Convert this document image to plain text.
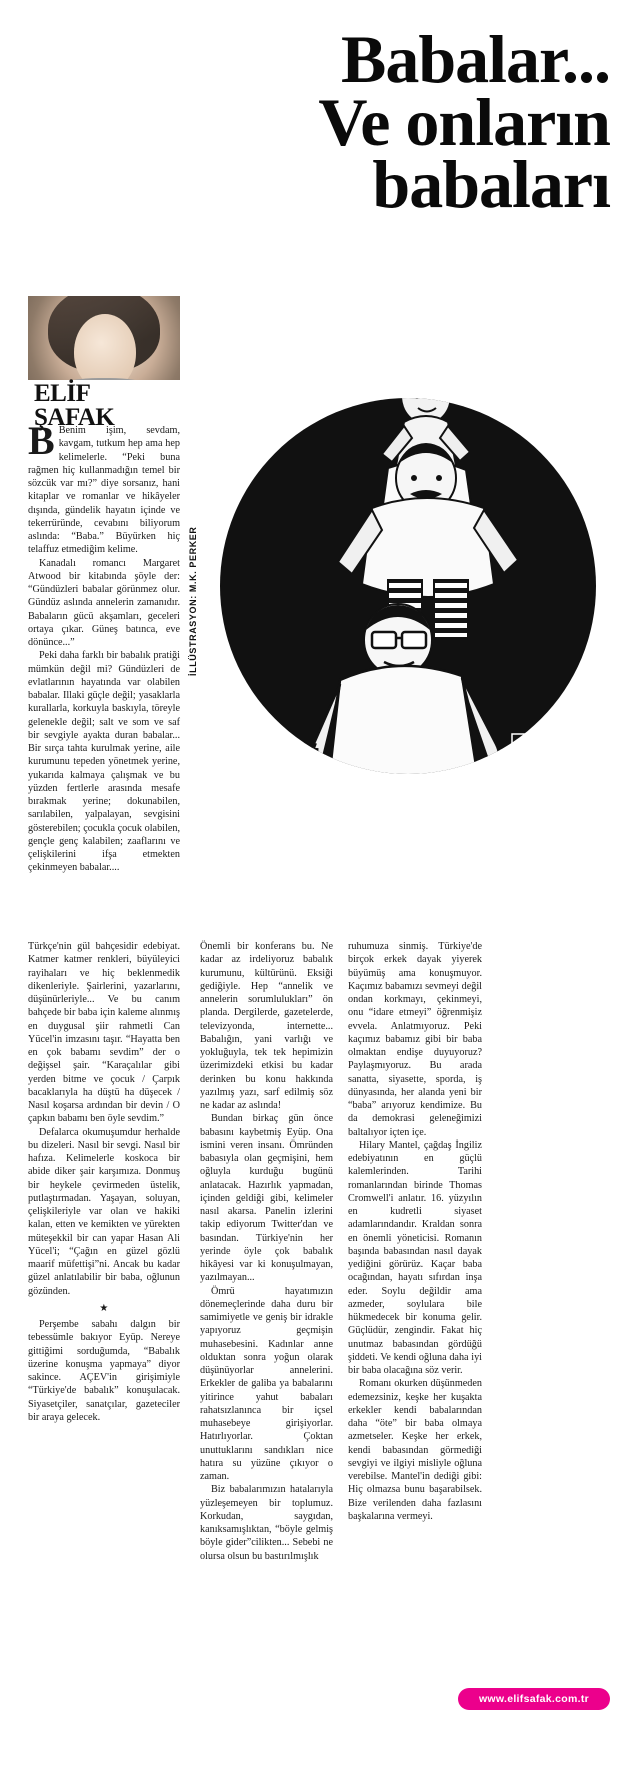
Babalar...
Ve onların
babaları
ELİF
ŞAFAK
PER
KER
İLLÜSTRASYON: M.K. PERKER

B Benim işim, sevdam, kavgam, tutkum hep ama hep kelimelerle. “Peki buna rağmen hiç kullanmadığın temel bir sözcük var mı?” diye sorsanız, hani kitaplar ve romanlar ve hikâyeler dışında, gündelik hayatın içinde ve tekerrüründe, cevabını biliyorum aslında: “Baba.” Büyürken hiç telaffuz etmediğim kelime.

Kanadalı romancı Margaret Atwood bir kitabında şöyle der: “Gündüzleri babalar görünmez olur. Gündüz aslında annelerin zamanıdır. Babaların gücü akşamları, geceleri ortaya çıkar. Güneş batınca, eve dönünce...”

Peki daha farklı bir babalık pratiği mümkün değil mi? Gündüzleri de evlatlarının hayatında var olabilen babalar. Illaki güçle değil; yasaklarla kurallarla, korkuyla baskıyla, töreyle gelenekle değil; salt ve som ve saf bir sevgiyle ayakta duran babalar... Bir sırça tahta kurulmak yerine, aile kurumunu tepeden yönetmek yerine, yukarıda kalmaya çalışmak ve bu yüzden fertlerle arasında mesafe bırakmak yerine; dokunabilen, sarılabilen, yalpalayan, sevgisini gösterebilen; çocukla çocuk olabilen, gençle genç kalabilen; zaaflarını ve çelişkilerini ifşa etmekten çekinmeyen babalar....

Türkçe'nin gül bahçesidir edebiyat. Katmer katmer renkleri, büyüleyici rayihaları ve hiç beklenmedik dikenleriyle. Şairlerini, yazarlarını, düşünürleriyle... Ve bu canım bahçede bir baba için kaleme alınmış en duygusal şiir rahmetli Can Yücel'in imzasını taşır. “Hayatta ben en çok babamı sevdim” der o değişsel şair. “Karaçalılar gibi yerden bitme ve çocuk / Çarpık bacaklarıyla ha düştü ha düşecek / Nasıl koşarsa ardından bir devin / O çapkın babamı ben öyle sevdim.”

Defalarca okumuşumdur herhalde bu dizeleri. Nasıl bir sevgi. Nasıl bir hafıza. Kelimelerle koskoca bir abide diker şair karşımıza. Donmuş bir heykele çevirmeden üstelik, putlaştırmadan. Yaşayan, soluyan, çelişkileriyle var olan ve hakiki kalan, etten ve kemikten ve yürekten müteşekkil bir can yapar Hasan Ali Yücel'i; “Çağın en güzel gözlü maarif müfettişi”ni. Ancak bu kadar güzel anlatılabilir bir baba, oğlunun gözünden.

★

Perşembe sabahı dalgın bir tebessümle bakıyor Eyüp. Nereye gittiğimi sorduğumda, “Babalık üzerine konuşma yapmaya” diyor sakince. AÇEV'in girişimiyle “Türkiye'de babalık” konuşulacak. Siyasetçiler, sanatçılar, gazeteciler bir araya gelecek.

Önemli bir konferans bu. Ne kadar az irdeliyoruz babalık kurumunu, kültürünü. Eksiği gediğiyle. Hep “annelik ve annelerin sorumlulukları” ön planda. Dergilerde, gazetelerde, televizyonda, internette... Babalığın, yani varlığı ve yokluğuyla, tek tek hepimizin üzerimizdeki etkisi bu kadar derinken bu konu hakkında yazılmış yazı, sarf edilmiş söz ne kadar az aslında!

Bundan birkaç gün önce babasını kaybetmiş Eyüp. Ona ismini veren insanı. Ömründen babasıyla olan geçmişini, hem oğluyla kurduğu bugünü anlatacak. Hazırlık yapmadan, içinden geldiği gibi, kelimeler nasıl akarsa. Panelin izlerini takip ediyorum Twitter'dan ve basından. Türkiye'nin her yerinde öyle çok babalık hikâyesi var ki konuşulmayan, yazılmayan...

Ömrü hayatımızın dönemeçlerinde daha duru bir samimiyetle ve geniş bir idrakle yapıyoruz geçmişin muhasebesini. Kadınlar anne olduktan sonra yoğun olarak düşünüyorlar annelerini. Erkekler de galiba ya babalarını yitirince yahut babaları rahatsızlanınca bir içsel muhasebeye girişiyorlar. Hatırlıyorlar. Çoktan unuttuklarını sandıkları nice hatıra su yüzüne çıkıyor o zaman.

Biz babalarımızın hatalarıyla yüzleşemeyen bir toplumuz. Korkudan, saygıdan, kanıksamışlıktan, “böyle gelmiş böyle gider”cilikten... Sebebi ne olursa olsun bu bastırılmışlık

ruhumuza sinmiş. Türkiye'de birçok erkek dayak yiyerek büyümüş ama konuşmuyor. Kaçımız babamızı sevmeyi değil ondan korkmayı, çekinmeyi, onu “idare etmeyi” öğrenmişiz evvela. Anlatmıyoruz. Peki kaçımız babamız gibi bir baba olmaktan endişe duyuyoruz? Paylaşmıyoruz. Bu arada sanatta, siyasette, sporda, iş dünyasında, her alanda yeni bir “baba” arıyoruz kendimize. Bu da demokrasi geleneğimizi baltalıyor içten içe.

Hilary Mantel, çağdaş İngiliz edebiyatının en güçlü kalemlerinden. Tarihi romanlarından birinde Thomas Cromwell'i anlatır. 16. yüzyılın en kudretli siyaset adamlarındandır. Kraldan sonra en önemli yöneticisi. Romanın başında babasından nasıl dayak yediğini görürüz. Kaçar baba ocağından, hayatı sıfırdan inşa eder. Soylu değildir ama azmeder, soylulara bile hükmedecek bir konuma gelir. Güçlüdür, zengindir. Fakat hiç unutmaz babasından gördüğü şiddeti. Ve kendi oğluna daha iyi bir baba olacağına söz verir.

Romanı okurken düşünmeden edemezsiniz, keşke her kuşakta erkekler kendi babalarından daha “öte” bir baba olmaya azmetseler. Keşke her erkek, kendi babasından görmediği sevgiyi ve ilgiyi misliyle oğluna verebilse. Mantel'in dediği gibi: Hiç olmazsa bunu başarabilsek. Bize verilenden daha fazlasını başkalarına vermeyi.

www.elifsafak.com.tr
